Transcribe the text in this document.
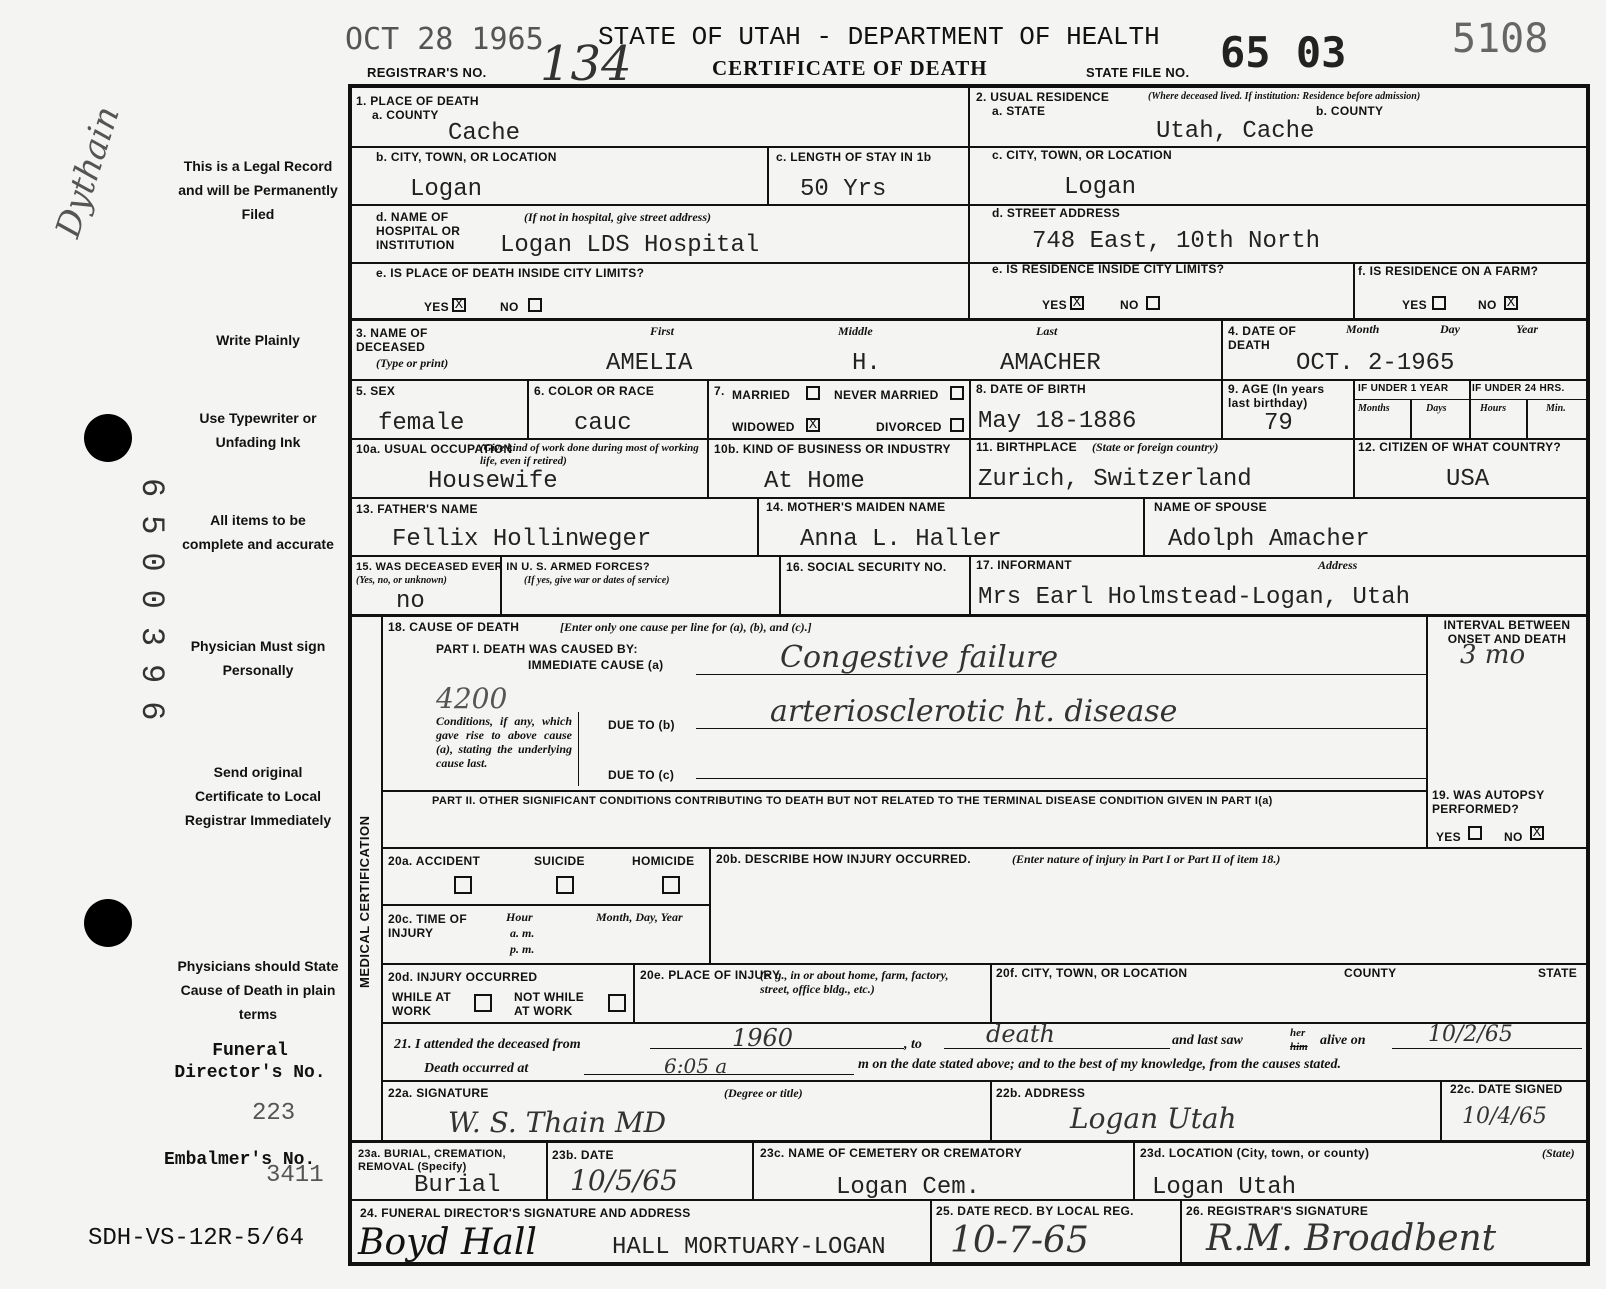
OCT 28 1965 STATE OF UTAH - DEPARTMENT OF HEALTH
REGISTRAR'S NO. 134	CERTIFICATE OF DEATH	STATE FILE NO. 65 03	5108
Dythain	This is a Legal Record and will be Permanently Filed
Write Plainly
Use Typewriter or Unfading Ink
All items to be complete and accurate
Physician Must sign Personally
Send original Certificate to Local Registrar Immediately
Physicians should State Cause of Death in plain terms
Funeral Director's No.
223
Embalmer's No.
3411
SDH-VS-12R-5/64
6500396
1. PLACE OF DEATH
a. COUNTY
Cache
2. USUAL RESIDENCE	(Where deceased lived. If institution: Residence before admission)
a. STATE	b. COUNTY
Utah, Cache
b. CITY, TOWN, OR LOCATION
Logan
c. LENGTH OF STAY IN 1b
50 Yrs
c. CITY, TOWN, OR LOCATION
Logan
d. NAME OF HOSPITAL OR INSTITUTION
(If not in hospital, give street address)
Logan LDS Hospital
d. STREET ADDRESS
748 East, 10th North
e. IS PLACE OF DEATH INSIDE CITY LIMITS?
YES X	NO
e. IS RESIDENCE INSIDE CITY LIMITS?
YES X	NO
f. IS RESIDENCE ON A FARM?
YES	NO X
3. NAME OF DECEASED
(Type or print)
First	Middle	Last
AMELIA	H.	AMACHER
4. DATE OF DEATH
Month	Day	Year
OCT. 2-1965
5. SEX
female
6. COLOR OR RACE
cauc
7. MARRIED	NEVER MARRIED
WIDOWED X	DIVORCED
8. DATE OF BIRTH
May 18-1886
9. AGE (In years last birthday)
79
IF UNDER 1 YEAR IF UNDER 24 HRS.
Months	Days	Hours	Min.
10a. USUAL OCCUPATION
(Give kind of work done during most of working life, even if retired)
Housewife
10b. KIND OF BUSINESS OR INDUSTRY
At Home
11. BIRTHPLACE (State or foreign country)
Zurich, Switzerland
12. CITIZEN OF WHAT COUNTRY?
USA
13. FATHER'S NAME
Fellix Hollinweger
14. MOTHER'S MAIDEN NAME
Anna L. Haller
NAME OF SPOUSE
Adolph Amacher
15. WAS DECEASED EVER IN U. S. ARMED FORCES?
(Yes, no, or unknown)	(If yes, give war or dates of service)
no
16. SOCIAL SECURITY NO. 17. INFORMANT	Address
Mrs Earl Holmstead-Logan, Utah
MEDICAL CERTIFICATION
18. CAUSE OF DEATH	[Enter only one cause per line for (a), (b), and (c).]
PART I. DEATH WAS CAUSED BY:
IMMEDIATE CAUSE (a)	Congestive failure
INTERVAL BETWEEN ONSET AND DEATH
3 mo
4200
Conditions, if any, which gave rise to above cause (a), stating the underlying cause last.
DUE TO (b)	arteriosclerotic ht. disease
DUE TO (c)
PART II. OTHER SIGNIFICANT CONDITIONS CONTRIBUTING TO DEATH BUT NOT RELATED TO THE TERMINAL DISEASE CONDITION GIVEN IN PART I(a)	19. WAS AUTOPSY PERFORMED?
YES	NO X
20a. ACCIDENT	SUICIDE	HOMICIDE 20b. DESCRIBE HOW INJURY OCCURRED.	(Enter nature of injury in Part I or Part II of item 18.)
20c. TIME OF INJURY
Hour
a. m.
p. m.
Month, Day, Year
20d. INJURY OCCURRED
WHILE AT WORK
NOT WHILE AT WORK
20e. PLACE OF INJURY
(e. g., in or about home, farm, factory, street, office bldg., etc.)
20f. CITY, TOWN, OR LOCATION	COUNTY	STATE
21. I attended the deceased from	1960	, to	death	and last saw	her
him alive on	10/2/65
Death occurred at	6:05 a	m on the date stated above; and to the best of my knowledge, from the causes stated.
22a. SIGNATURE	(Degree or title)
W. S. Thain MD
22b. ADDRESS
Logan Utah
22c. DATE SIGNED
10/4/65
23a. BURIAL, CREMATION, REMOVAL (Specify)
Burial
23b. DATE
10/5/65
23c. NAME OF CEMETERY OR CREMATORY
Logan Cem.
23d. LOCATION (City, town, or county)	(State)
Logan Utah
24. FUNERAL DIRECTOR'S SIGNATURE AND ADDRESS
Boyd Hall	HALL MORTUARY-LOGAN
25. DATE RECD. BY LOCAL REG.
10-7-65
26. REGISTRAR'S SIGNATURE
R.M. Broadbent
